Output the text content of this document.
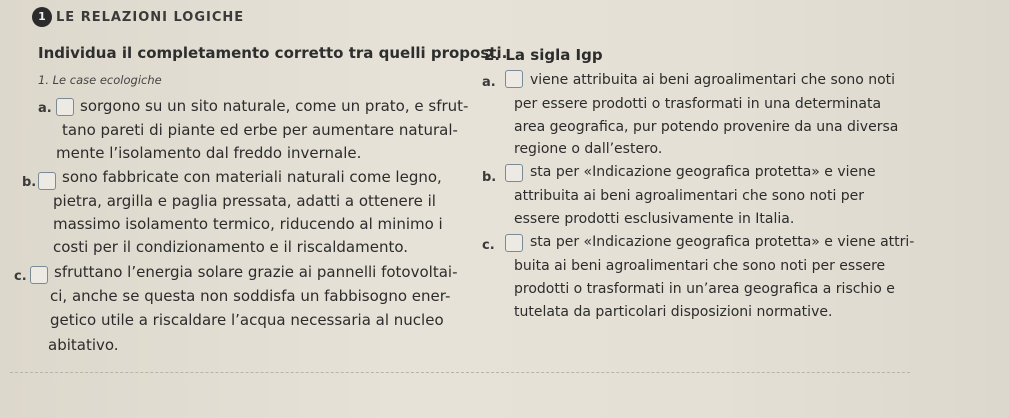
1 LE RELAZIONI LOGICHE
Individua il completamento corretto tra quelli proposti.
1. Le case ecologiche
a. sorgono su un sito naturale, come un prato, e sfrut-
tano pareti di piante ed erbe per aumentare natural-
mente l’isolamento dal freddo invernale.
b. sono fabbricate con materiali naturali come legno,
pietra, argilla e paglia pressata, adatti a ottenere il
massimo isolamento termico, riducendo al minimo i
costi per il condizionamento e il riscaldamento.
c. sfruttano l’energia solare grazie ai pannelli fotovoltai-
ci, anche se questa non soddisfa un fabbisogno ener-
getico utile a riscaldare l’acqua necessaria al nucleo
abitativo.
2. La sigla Igp
a. viene attribuita ai beni agroalimentari che sono noti
per essere prodotti o trasformati in una determinata
area geografica, pur potendo provenire da una diversa
regione o dall’estero.
b. sta per «Indicazione geografica protetta» e viene
attribuita ai beni agroalimentari che sono noti per
essere prodotti esclusivamente in Italia.
c.	sta per «Indicazione geografica protetta» e viene attri-
buita ai beni agroalimentari che sono noti per essere
prodotti o trasformati in un’area geografica a rischio e
tutelata da particolari disposizioni normative.
